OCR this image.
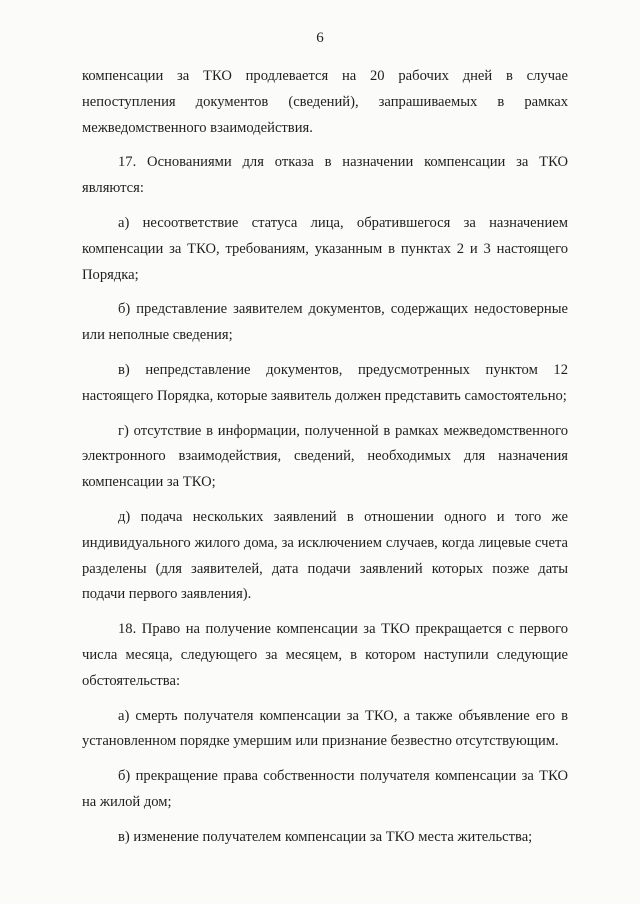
6

компенсации за ТКО продлевается на 20 рабочих дней в случае непоступления документов (сведений), запрашиваемых в рамках межведомственного взаимодействия.

17. Основаниями для отказа в назначении компенсации за ТКО являются:

а) несоответствие статуса лица, обратившегося за назначением компенсации за ТКО, требованиям, указанным в пунктах 2 и 3 настоящего Порядка;

б) представление заявителем документов, содержащих недостоверные или неполные сведения;

в) непредставление документов, предусмотренных пунктом 12 настоящего Порядка, которые заявитель должен представить самостоятельно;

г) отсутствие в информации, полученной в рамках межведомственного электронного взаимодействия, сведений, необходимых для назначения компенсации за ТКО;

д) подача нескольких заявлений в отношении одного и того же индивидуального жилого дома, за исключением случаев, когда лицевые счета разделены (для заявителей, дата подачи заявлений которых позже даты подачи первого заявления).

18. Право на получение компенсации за ТКО прекращается с первого числа месяца, следующего за месяцем, в котором наступили следующие обстоятельства:

а) смерть получателя компенсации за ТКО, а также объявление его в установленном порядке умершим или признание безвестно отсутствующим.

б) прекращение права собственности получателя компенсации за ТКО на жилой дом;

в) изменение получателем компенсации за ТКО места жительства;
